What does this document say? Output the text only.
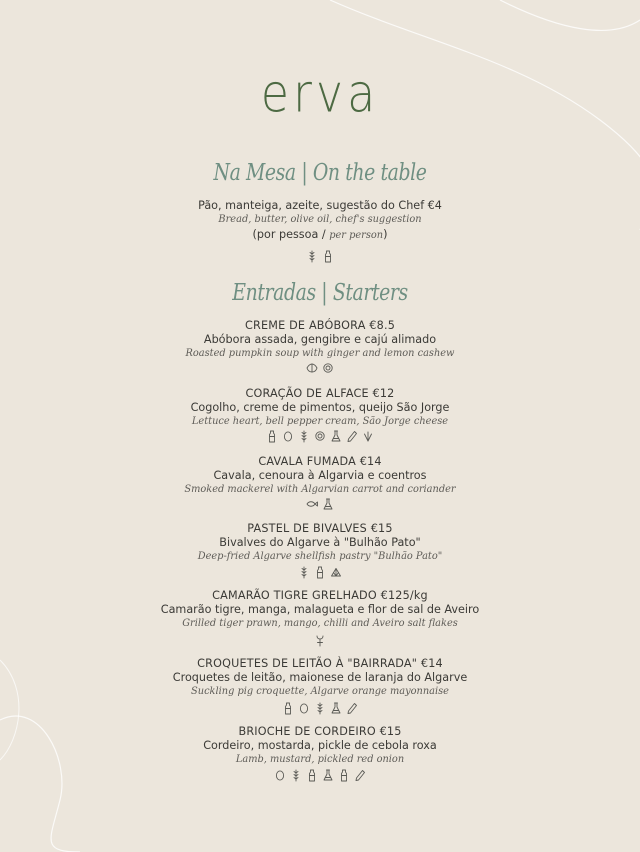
erva
Na Mesa | On the table
Pão, manteiga, azeite, sugestão do Chef €4
Bread, butter, olive oil, chef's suggestion
(por pessoa / per person)
Entradas | Starters
CREME DE ABÓBORA €8.5
Abóbora assada, gengibre e cajú alimado
Roasted pumpkin soup with ginger and lemon cashew
CORAÇÃO DE ALFACE €12
Cogolho, creme de pimentos, queijo São Jorge
Lettuce heart, bell pepper cream, São Jorge cheese
CAVALA FUMADA €14
Cavala, cenoura à Algarvia e coentros
Smoked mackerel with Algarvian carrot and coriander
PASTEL DE BIVALVES €15
Bivalves do Algarve à "Bulhão Pato"
Deep-fried Algarve shellfish pastry "Bulhão Pato"
CAMARÃO TIGRE GRELHADO €125/kg
Camarão tigre, manga, malagueta e flor de sal de Aveiro
Grilled tiger prawn, mango, chilli and Aveiro salt flakes
CROQUETES DE LEITÃO À "BAIRRADA" €14
Croquetes de leitão, maionese de laranja do Algarve
Suckling pig croquette, Algarve orange mayonnaise
BRIOCHE DE CORDEIRO €15
Cordeiro, mostarda, pickle de cebola roxa
Lamb, mustard, pickled red onion
